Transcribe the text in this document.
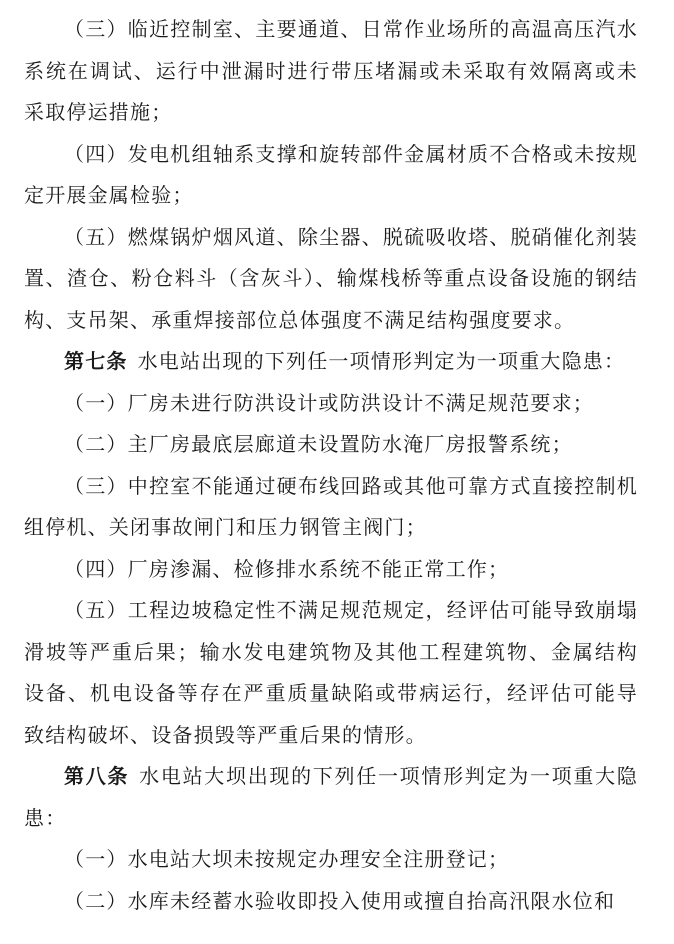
（三）临近控制室、主要通道、日常作业场所的高温高压汽水系统在调试、运行中泄漏时进行带压堵漏或未采取有效隔离或未采取停运措施；

（四）发电机组轴系支撑和旋转部件金属材质不合格或未按规定开展金属检验；

（五）燃煤锅炉烟风道、除尘器、脱硫吸收塔、脱硝催化剂装置、渣仓、粉仓料斗（含灰斗）、输煤栈桥等重点设备设施的钢结构、支吊架、承重焊接部位总体强度不满足结构强度要求。

第七条 水电站出现的下列任一项情形判定为一项重大隐患：

（一）厂房未进行防洪设计或防洪设计不满足规范要求；

（二）主厂房最底层廊道未设置防水淹厂房报警系统；

（三）中控室不能通过硬布线回路或其他可靠方式直接控制机组停机、关闭事故闸门和压力钢管主阀门；

（四）厂房渗漏、检修排水系统不能正常工作；

（五）工程边坡稳定性不满足规范规定，经评估可能导致崩塌滑坡等严重后果；输水发电建筑物及其他工程建筑物、金属结构设备、机电设备等存在严重质量缺陷或带病运行，经评估可能导致结构破坏、设备损毁等严重后果的情形。

第八条 水电站大坝出现的下列任一项情形判定为一项重大隐患：

（一）水电站大坝未按规定办理安全注册登记；

（二）水库未经蓄水验收即投入使用或擅自抬高汛限水位和
